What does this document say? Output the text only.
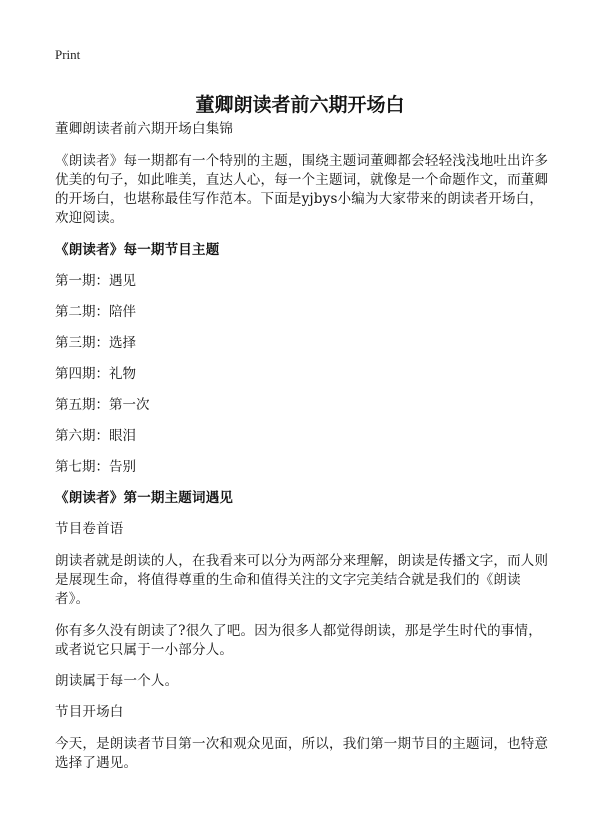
Print
董卿朗读者前六期开场白

董卿朗读者前六期开场白集锦

《朗读者》每一期都有一个特别的主题，围绕主题词董卿都会轻轻浅浅地吐出许多优美的句子，如此唯美，直达人心，每一个主题词，就像是一个命题作文，而董卿的开场白，也堪称最佳写作范本。下面是yjbys小编为大家带来的朗读者开场白，欢迎阅读。

《朗读者》每一期节目主题

第一期：遇见

第二期：陪伴

第三期：选择

第四期：礼物

第五期：第一次

第六期：眼泪

第七期：告别

《朗读者》第一期主题词遇见

节目卷首语

朗读者就是朗读的人，在我看来可以分为两部分来理解，朗读是传播文字，而人则是展现生命，将值得尊重的生命和值得关注的文字完美结合就是我们的《朗读者》。

你有多久没有朗读了?很久了吧。因为很多人都觉得朗读，那是学生时代的事情，或者说它只属于一小部分人。

朗读属于每一个人。

节目开场白

今天，是朗读者节目第一次和观众见面，所以，我们第一期节目的主题词，也特意选择了遇见。
